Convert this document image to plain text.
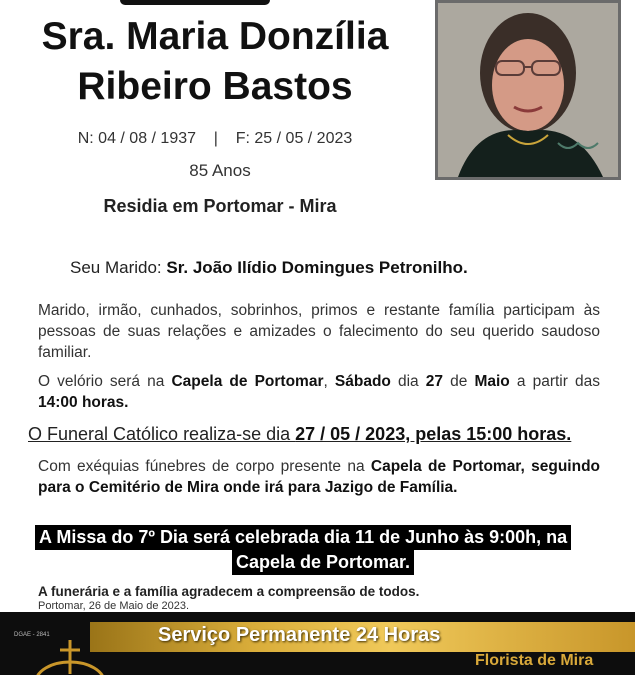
Sra. Maria Donzília
Ribeiro Bastos
N: 04 / 08 / 1937    |    F: 25 / 05 / 2023
85 Anos
Residia em Portomar - Mira
Seu Marido: Sr. João Ilídio Domingues Petronilho.
Marido, irmão, cunhados, sobrinhos, primos e restante família participam às pessoas de suas relações e amizades o falecimento do seu querido saudoso familiar.
O velório será na Capela de Portomar, Sábado dia 27 de Maio a partir das 14:00 horas.
O Funeral Católico realiza-se dia 27 / 05 / 2023, pelas 15:00 horas.
Com exéquias fúnebres de corpo presente na Capela de Portomar, seguindo para o Cemitério de Mira onde irá para Jazigo de Família.
A Missa do 7º Dia será celebrada dia 11 de Junho às 9:00h, na
Capela de Portomar.
A funerária e a família agradecem a compreensão de todos.
Portomar, 26 de Maio de 2023.
DGAE - 2841	Serviço Permanente 24 Horas
Florista de Mira
